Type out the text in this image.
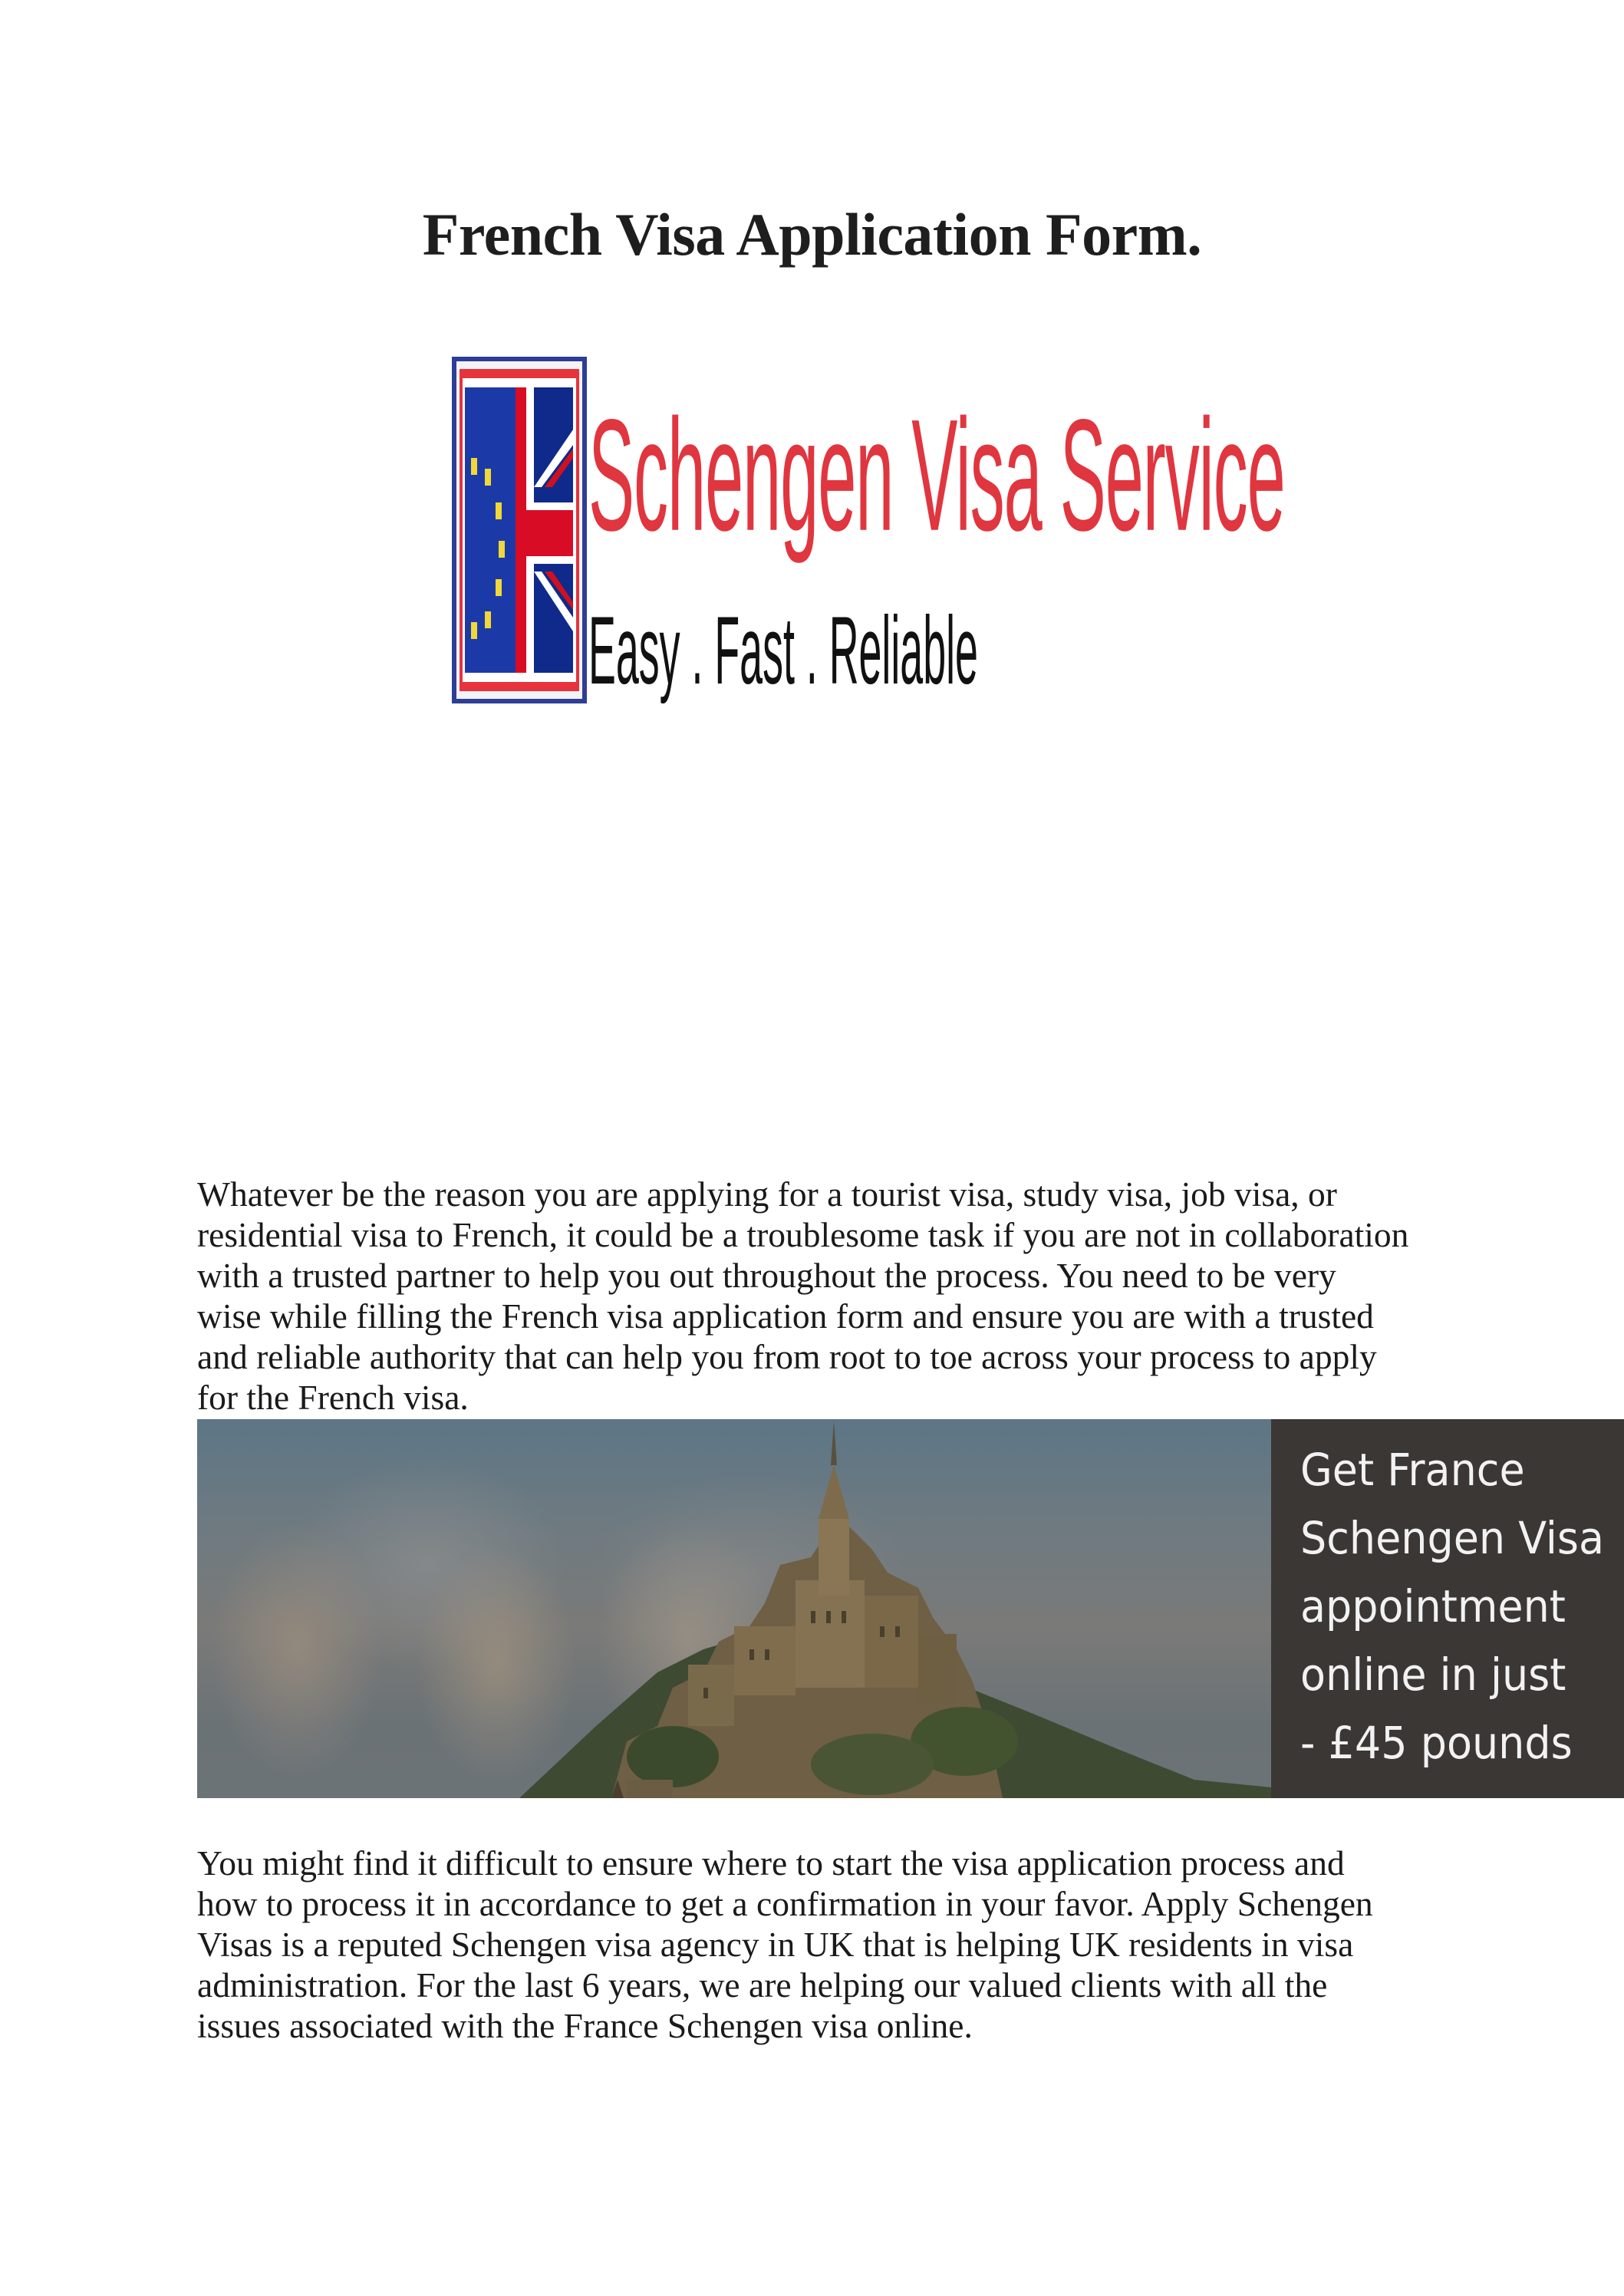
French Visa Application Form.
Schengen Visa Service
Easy . Fast . Reliable

Whatever be the reason you are applying for a tourist visa, study visa, job visa, or
residential visa to French, it could be a troublesome task if you are not in collaboration
with a trusted partner to help you out throughout the process. You need to be very
wise while filling the French visa application form and ensure you are with a trusted
and reliable authority that can help you from root to toe across your process to apply
for the French visa.

Get France
Schengen Visa
appointment
online in just
- £45 pounds

You might find it difficult to ensure where to start the visa application process and
how to process it in accordance to get a confirmation in your favor. Apply Schengen
Visas is a reputed Schengen visa agency in UK that is helping UK residents in visa
administration. For the last 6 years, we are helping our valued clients with all the
issues associated with the France Schengen visa online.
